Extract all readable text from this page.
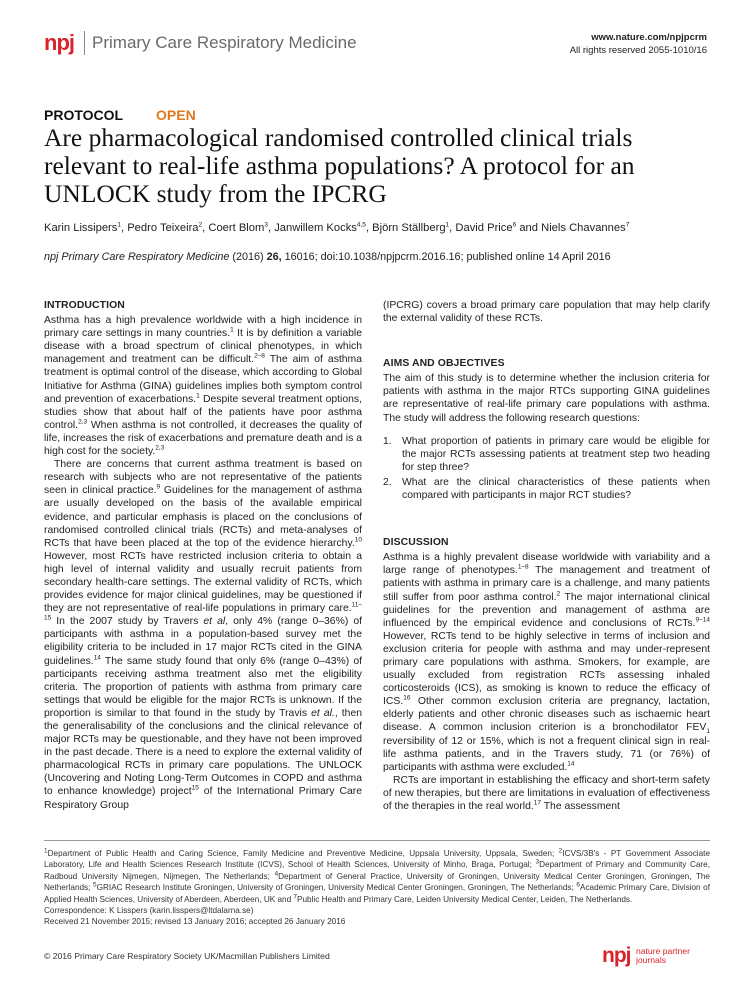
npj Primary Care Respiratory Medicine	www.nature.com/npjpcrm
All rights reserved 2055-1010/16
PROTOCOL OPEN
Are pharmacological randomised controlled clinical trials relevant to real-life asthma populations? A protocol for an UNLOCK study from the IPCRG
Karin Lissipers$^1$, Pedro Teixeira$^2$, Coert Blom$^3$, Janwillem Kocks$^{4,5}$, Björn Ställberg$^1$, David Price$^6$ and Niels Chavannes$^7$
npj Primary Care Respiratory Medicine (2016) 26, 16016; doi:10.1038/npjpcrm.2016.16; published online 14 April 2016
INTRODUCTION

Asthma has a high prevalence worldwide with a high incidence in primary care settings in many countries.$^1$ It is by definition a variable disease with a broad spectrum of clinical phenotypes, in which management and treatment can be difficult.$^{2-8}$ The aim of asthma treatment is optimal control of the disease, which according to Global Initiative for Asthma (GINA) guidelines implies both symptom control and prevention of exacerbations.$^1$ Despite several treatment options, studies show that about half of the patients have poor asthma control.$^{2,3}$ When asthma is not controlled, it decreases the quality of life, increases the risk of exacerbations and premature death and is a high cost for the society.$^{2,3}$

There are concerns that current asthma treatment is based on research with subjects who are not representative of the patients seen in clinical practice.$^9$ Guidelines for the management of asthma are usually developed on the basis of the available empirical evidence, and particular emphasis is placed on the conclusions of randomised controlled clinical trials (RCTs) and meta-analyses of RCTs that have been placed at the top of the evidence hierarchy.$^{10}$ However, most RCTs have restricted inclusion criteria to obtain a high level of internal validity and usually recruit patients from secondary health-care settings. The external validity of RCTs, which provides evidence for major clinical guidelines, may be questioned if they are not representative of real-life populations in primary care.$^{11-15}$ In the 2007 study by Travers et al, only 4% (range 0–36%) of participants with asthma in a population-based survey met the eligibility criteria to be included in 17 major RCTs cited in the GINA guidelines.$^{14}$ The same study found that only 6% (range 0–43%) of participants receiving asthma treatment also met the eligibility criteria. The proportion of patients with asthma from primary care settings that would be eligible for the major RCTs is unknown. If the proportion is similar to that found in the study by Travis et al., then the generalisability of the conclusions and the clinical relevance of major RCTs may be questionable, and they have not been improved in the past decade. There is a need to explore the external validity of pharmacological RCTs in primary care populations. The UNLOCK (Uncovering and Noting Long-Term Outcomes in COPD and asthma to enhance knowledge) project$^{15}$ of the International Primary Care Respiratory Group

(IPCRG) covers a broad primary care population that may help clarify the external validity of these RCTs.

AIMS AND OBJECTIVES

The aim of this study is to determine whether the inclusion criteria for patients with asthma in the major RTCs supporting GINA guidelines are representative of real-life primary care populations with asthma. The study will address the following research questions:

1. What proportion of patients in primary care would be eligible for the major RCTs assessing patients at treatment step two heading for step three?
2. What are the clinical characteristics of these patients when compared with participants in major RCT studies?
DISCUSSION

Asthma is a highly prevalent disease worldwide with variability and a large range of phenotypes.$^{1-8}$ The management and treatment of patients with asthma in primary care is a challenge, and many patients still suffer from poor asthma control.$^2$ The major international clinical guidelines for the prevention and management of asthma are influenced by the empirical evidence and conclusions of RCTs.$^{9-14}$ However, RCTs tend to be highly selective in terms of inclusion and exclusion criteria for people with asthma and may under-represent primary care populations with asthma. Smokers, for example, are usually excluded from registration RCTs assessing inhaled corticosteroids (ICS), as smoking is known to reduce the efficacy of ICS.$^{16}$ Other common exclusion criteria are pregnancy, lactation, elderly patients and other chronic diseases such as ischaemic heart disease. A common inclusion criterion is a bronchodilator $FEV_1$ reversibility of 12 or 15%, which is not a frequent clinical sign in real-life asthma patients, and in the Travers study, 71 (or 76%) of participants with asthma were excluded.$^{14}$

RCTs are important in establishing the efficacy and short-term safety of new therapies, but there are limitations in evaluation of effectiveness of the therapies in the real world.$^{17}$ The assessment

$^1$Department of Public Health and Caring Science, Family Medicine and Preventive Medicine, Uppsala University, Uppsala, Sweden; $^2$ICVS/3B's - PT Government Associate Laboratory, Life and Health Sciences Research Institute (ICVS), School of Health Sciences, University of Minho, Braga, Portugal; $^3$Department of Primary and Community Care, Radboud University Nijmegen, Nijmegen, The Netherlands; $^4$Department of General Practice, University of Groningen, University Medical Center Groningen, Groningen, The Netherlands; $^5$GRIAC Research Institute Groningen, University of Groningen, University Medical Center Groningen, Groningen, The Netherlands; $^6$Academic Primary Care, Division of Applied Health Sciences, University of Aberdeen, Aberdeen, UK and $^7$Public Health and Primary Care, Leiden University Medical Center, Leiden, The Netherlands.

Correspondence: K Lisspers (karin.lisspers@ltdalarna.se)

Received 21 November 2015; revised 13 January 2016; accepted 26 January 2016

© 2016 Primary Care Respiratory Society UK/Macmillan Publishers Limited	npj nature partner
journals
